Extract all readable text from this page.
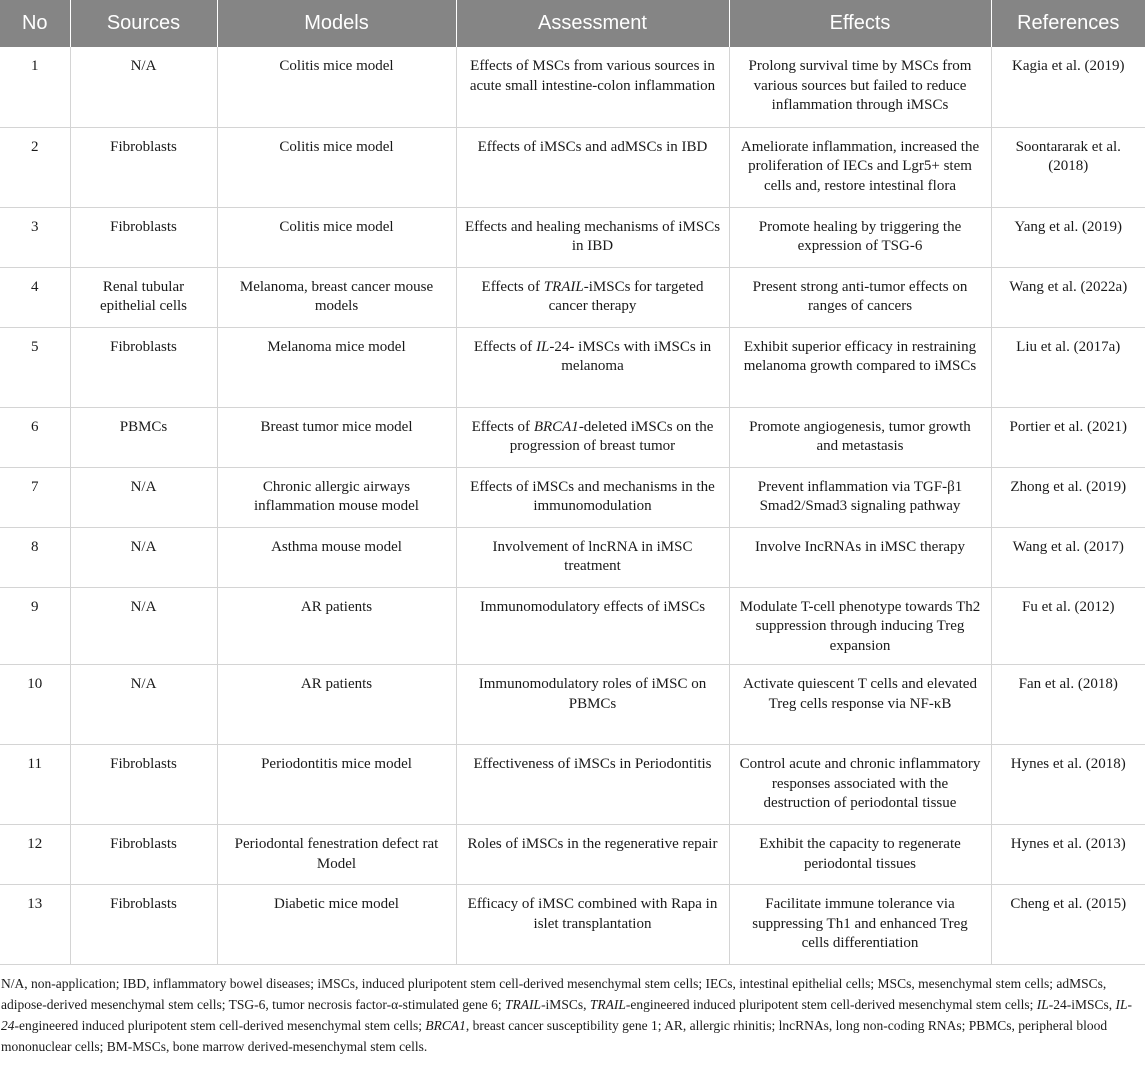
No	Sources	Models	Assessment	Effects	References
1	N/A	Colitis mice model	Effects of MSCs from various sources in acute small intestine-colon inflammation	Prolong survival time by MSCs from various sources but failed to reduce inflammation through iMSCs	Kagia et al. (2019)
2	Fibroblasts	Colitis mice model	Effects of iMSCs and adMSCs in IBD	Ameliorate inflammation, increased the proliferation of IECs and Lgr5+ stem cells and, restore intestinal flora	Soontararak et al. (2018)
3	Fibroblasts	Colitis mice model	Effects and healing mechanisms of iMSCs in IBD	Promote healing by triggering the expression of TSG-6	Yang et al. (2019)
4	Renal tubular epithelial cells	Melanoma, breast cancer mouse models	Effects of TRAIL-iMSCs for targeted cancer therapy	Present strong anti-tumor effects on ranges of cancers	Wang et al. (2022a)
5	Fibroblasts	Melanoma mice model	Effects of IL-24- iMSCs with iMSCs in melanoma	Exhibit superior efficacy in restraining melanoma growth compared to iMSCs	Liu et al. (2017a)
6	PBMCs	Breast tumor mice model	Effects of BRCA1-deleted iMSCs on the progression of breast tumor	Promote angiogenesis, tumor growth and metastasis	Portier et al. (2021)
7	N/A	Chronic allergic airways inflammation mouse model	Effects of iMSCs and mechanisms in the immunomodulation	Prevent inflammation via TGF-β1 Smad2/Smad3 signaling pathway	Zhong et al. (2019)
8	N/A	Asthma mouse model	Involvement of lncRNA in iMSC treatment	Involve IncRNAs in iMSC therapy	Wang et al. (2017)
9	N/A	AR patients	Immunomodulatory effects of iMSCs	Modulate T-cell phenotype towards Th2 suppression through inducing Treg expansion	Fu et al. (2012)
10	N/A	AR patients	Immunomodulatory roles of iMSC on PBMCs	Activate quiescent T cells and elevated Treg cells response via NF-κB	Fan et al. (2018)
11	Fibroblasts	Periodontitis mice model	Effectiveness of iMSCs in Periodontitis	Control acute and chronic inflammatory responses associated with the destruction of periodontal tissue	Hynes et al. (2018)
12	Fibroblasts	Periodontal fenestration defect rat Model	Roles of iMSCs in the regenerative repair	Exhibit the capacity to regenerate periodontal tissues	Hynes et al. (2013)
13	Fibroblasts	Diabetic mice model	Efficacy of iMSC combined with Rapa in islet transplantation	Facilitate immune tolerance via suppressing Th1 and enhanced Treg cells differentiation	Cheng et al. (2015)
N/A, non-application; IBD, inflammatory bowel diseases; iMSCs, induced pluripotent stem cell-derived mesenchymal stem cells; IECs, intestinal epithelial cells; MSCs, mesenchymal stem cells; adMSCs, adipose-derived mesenchymal stem cells; TSG-6, tumor necrosis factor-α-stimulated gene 6; TRAIL-iMSCs, TRAIL-engineered induced pluripotent stem cell-derived mesenchymal stem cells; IL-24-iMSCs, IL-24-engineered induced pluripotent stem cell-derived mesenchymal stem cells; BRCA1, breast cancer susceptibility gene 1; AR, allergic rhinitis; lncRNAs, long non-coding RNAs; PBMCs, peripheral blood mononuclear cells; BM-MSCs, bone marrow derived-mesenchymal stem cells.
